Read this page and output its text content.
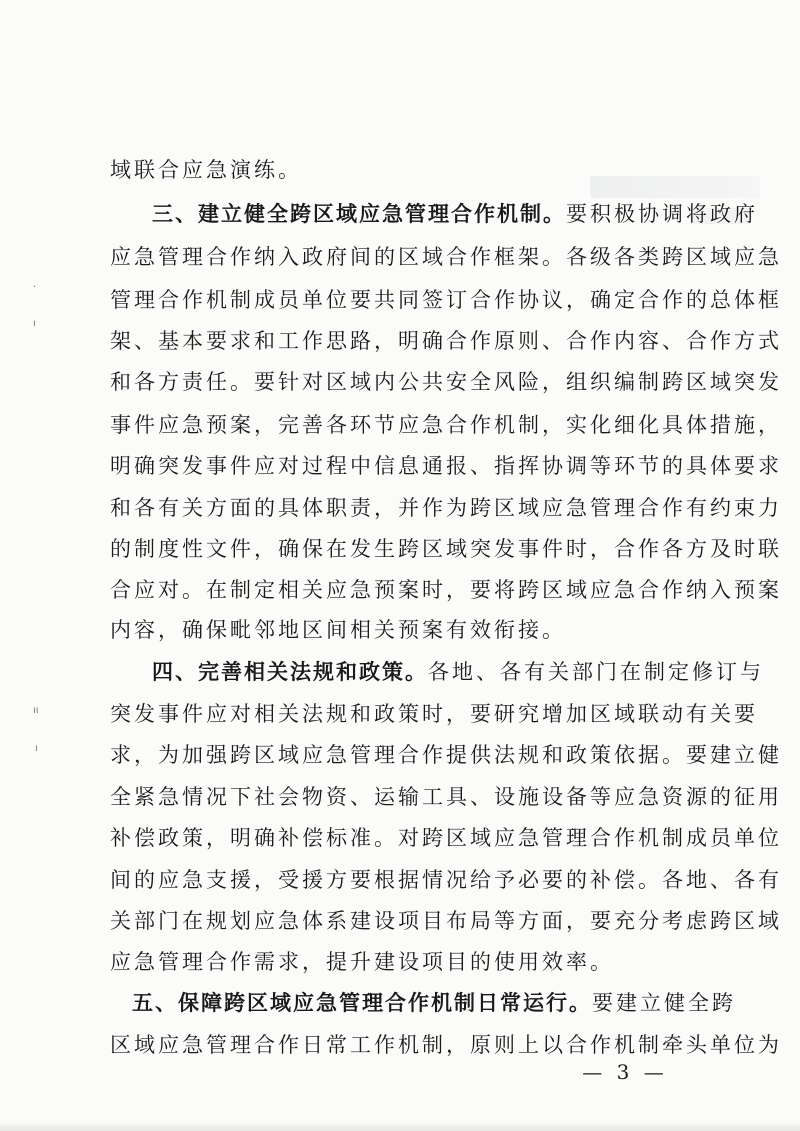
·
ı
ıı
ı
域联合应急演练。
三、建立健全跨区域应急管理合作机制。要积极协调将政府
应急管理合作纳入政府间的区域合作框架。各级各类跨区域应急
管理合作机制成员单位要共同签订合作协议，确定合作的总体框
架、基本要求和工作思路，明确合作原则、合作内容、合作方式
和各方责任。要针对区域内公共安全风险，组织编制跨区域突发
事件应急预案，完善各环节应急合作机制，实化细化具体措施，
明确突发事件应对过程中信息通报、指挥协调等环节的具体要求
和各有关方面的具体职责，并作为跨区域应急管理合作有约束力
的制度性文件，确保在发生跨区域突发事件时，合作各方及时联
合应对。在制定相关应急预案时，要将跨区域应急合作纳入预案
内容，确保毗邻地区间相关预案有效衔接。
四、完善相关法规和政策。各地、各有关部门在制定修订与
突发事件应对相关法规和政策时，要研究增加区域联动有关要
求，为加强跨区域应急管理合作提供法规和政策依据。要建立健
全紧急情况下社会物资、运输工具、设施设备等应急资源的征用
补偿政策，明确补偿标准。对跨区域应急管理合作机制成员单位
间的应急支援，受援方要根据情况给予必要的补偿。各地、各有
关部门在规划应急体系建设项目布局等方面，要充分考虑跨区域
应急管理合作需求，提升建设项目的使用效率。
五、保障跨区域应急管理合作机制日常运行。要建立健全跨
区域应急管理合作日常工作机制，原则上以合作机制牵头单位为
— 3 —
